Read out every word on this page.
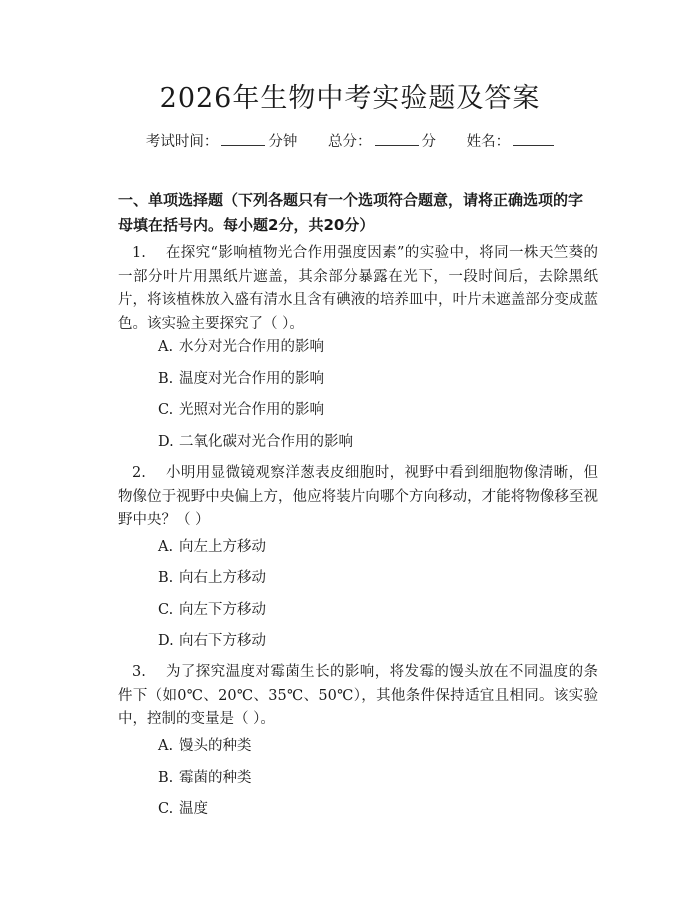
2026年生物中考实验题及答案
考试时间：	分钟 总分：	分 姓名：
一、单项选择题（下列各题只有一个选项符合题意，请将正确选项的字母填在括号内。每小题2分，共20分）
1. 在探究“影响植物光合作用强度因素”的实验中，将同一株天竺葵的一部分叶片用黑纸片遮盖，其余部分暴露在光下，一段时间后，去除黑纸片，将该植株放入盛有清水且含有碘液的培养皿中，叶片未遮盖部分变成蓝色。该实验主要探究了（ ）。
A. 水分对光合作用的影响
B. 温度对光合作用的影响
C. 光照对光合作用的影响
D. 二氧化碳对光合作用的影响
2. 小明用显微镜观察洋葱表皮细胞时，视野中看到细胞物像清晰，但物像位于视野中央偏上方，他应将装片向哪个方向移动，才能将物像移至视野中央？（ ）
A. 向左上方移动
B. 向右上方移动
C. 向左下方移动
D. 向右下方移动
3. 为了探究温度对霉菌生长的影响，将发霉的馒头放在不同温度的条件下（如0℃、20℃、35℃、50℃），其他条件保持适宜且相同。该实验中，控制的变量是（ ）。
A. 馒头的种类
B. 霉菌的种类
C. 温度
